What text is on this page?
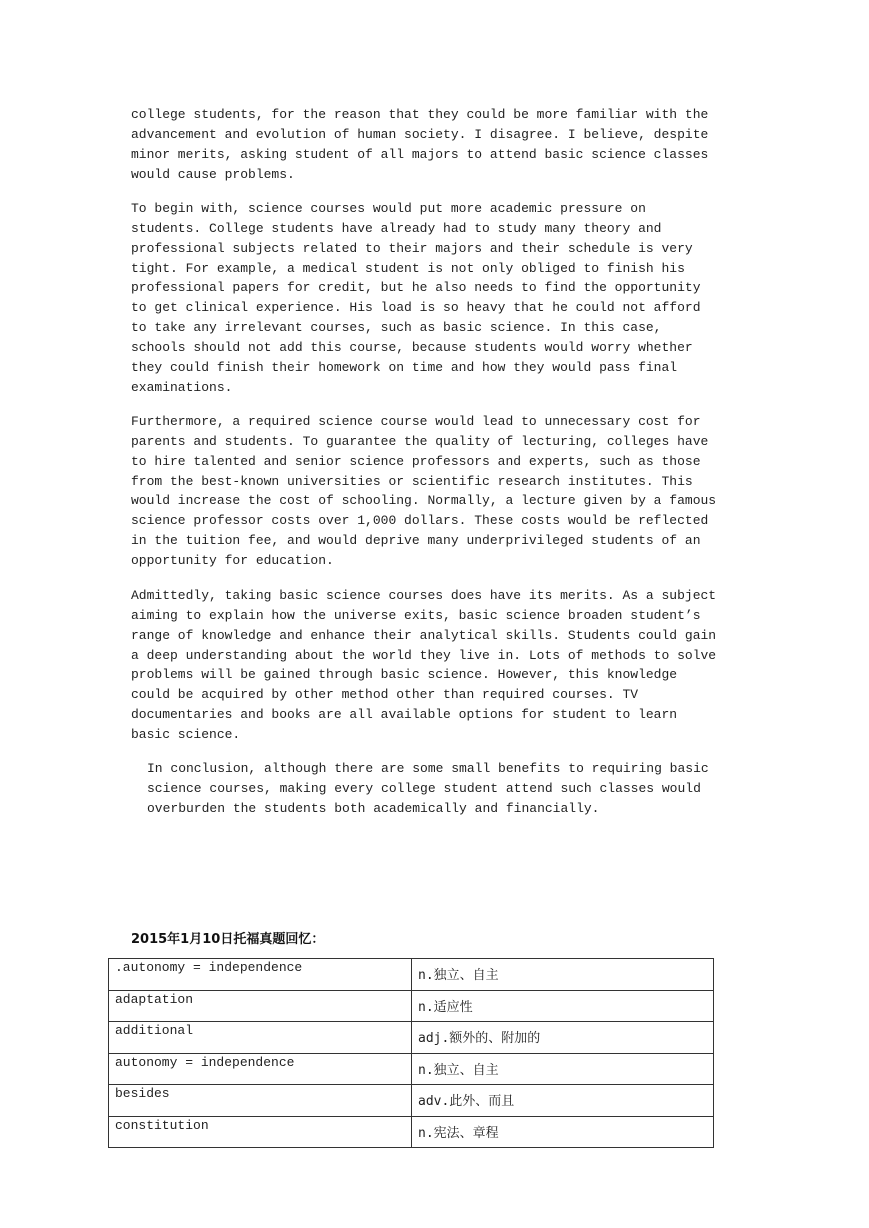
college students, for the reason that they could be more familiar with the advancement and evolution of human society. I disagree. I believe, despite minor merits, asking student of all majors to attend basic science classes would cause problems.

To begin with, science courses would put more academic pressure on students. College students have already had to study many theory and professional subjects related to their majors and their schedule is very tight. For example, a medical student is not only obliged to finish his professional papers for credit, but he also needs to find the opportunity to get clinical experience. His load is so heavy that he could not afford to take any irrelevant courses, such as basic science. In this case, schools should not add this course, because students would worry whether they could finish their homework on time and how they would pass final examinations.

Furthermore, a required science course would lead to unnecessary cost for parents and students. To guarantee the quality of lecturing, colleges have to hire talented and senior science professors and experts, such as those from the best-known universities or scientific research institutes. This would increase the cost of schooling. Normally, a lecture given by a famous science professor costs over 1,000 dollars. These costs would be reflected in the tuition fee, and would deprive many underprivileged students of an opportunity for education.

Admittedly, taking basic science courses does have its merits. As a subject aiming to explain how the universe exits, basic science broaden student’s range of knowledge and enhance their analytical skills. Students could gain a deep understanding about the world they live in. Lots of methods to solve problems will be gained through basic science. However, this knowledge could be acquired by other method other than required courses. TV documentaries and books are all available options for student to learn basic science.

In conclusion, although there are some small benefits to requiring basic science courses, making every college student attend such classes would overburden the students both academically and financially.

2015年1月10日托福真题回忆：
.autonomy = independence	n.独立、自主
adaptation	n.适应性
additional	adj.额外的、附加的
autonomy = independence	n.独立、自主
besides	adv.此外、而且
constitution	n.宪法、章程
